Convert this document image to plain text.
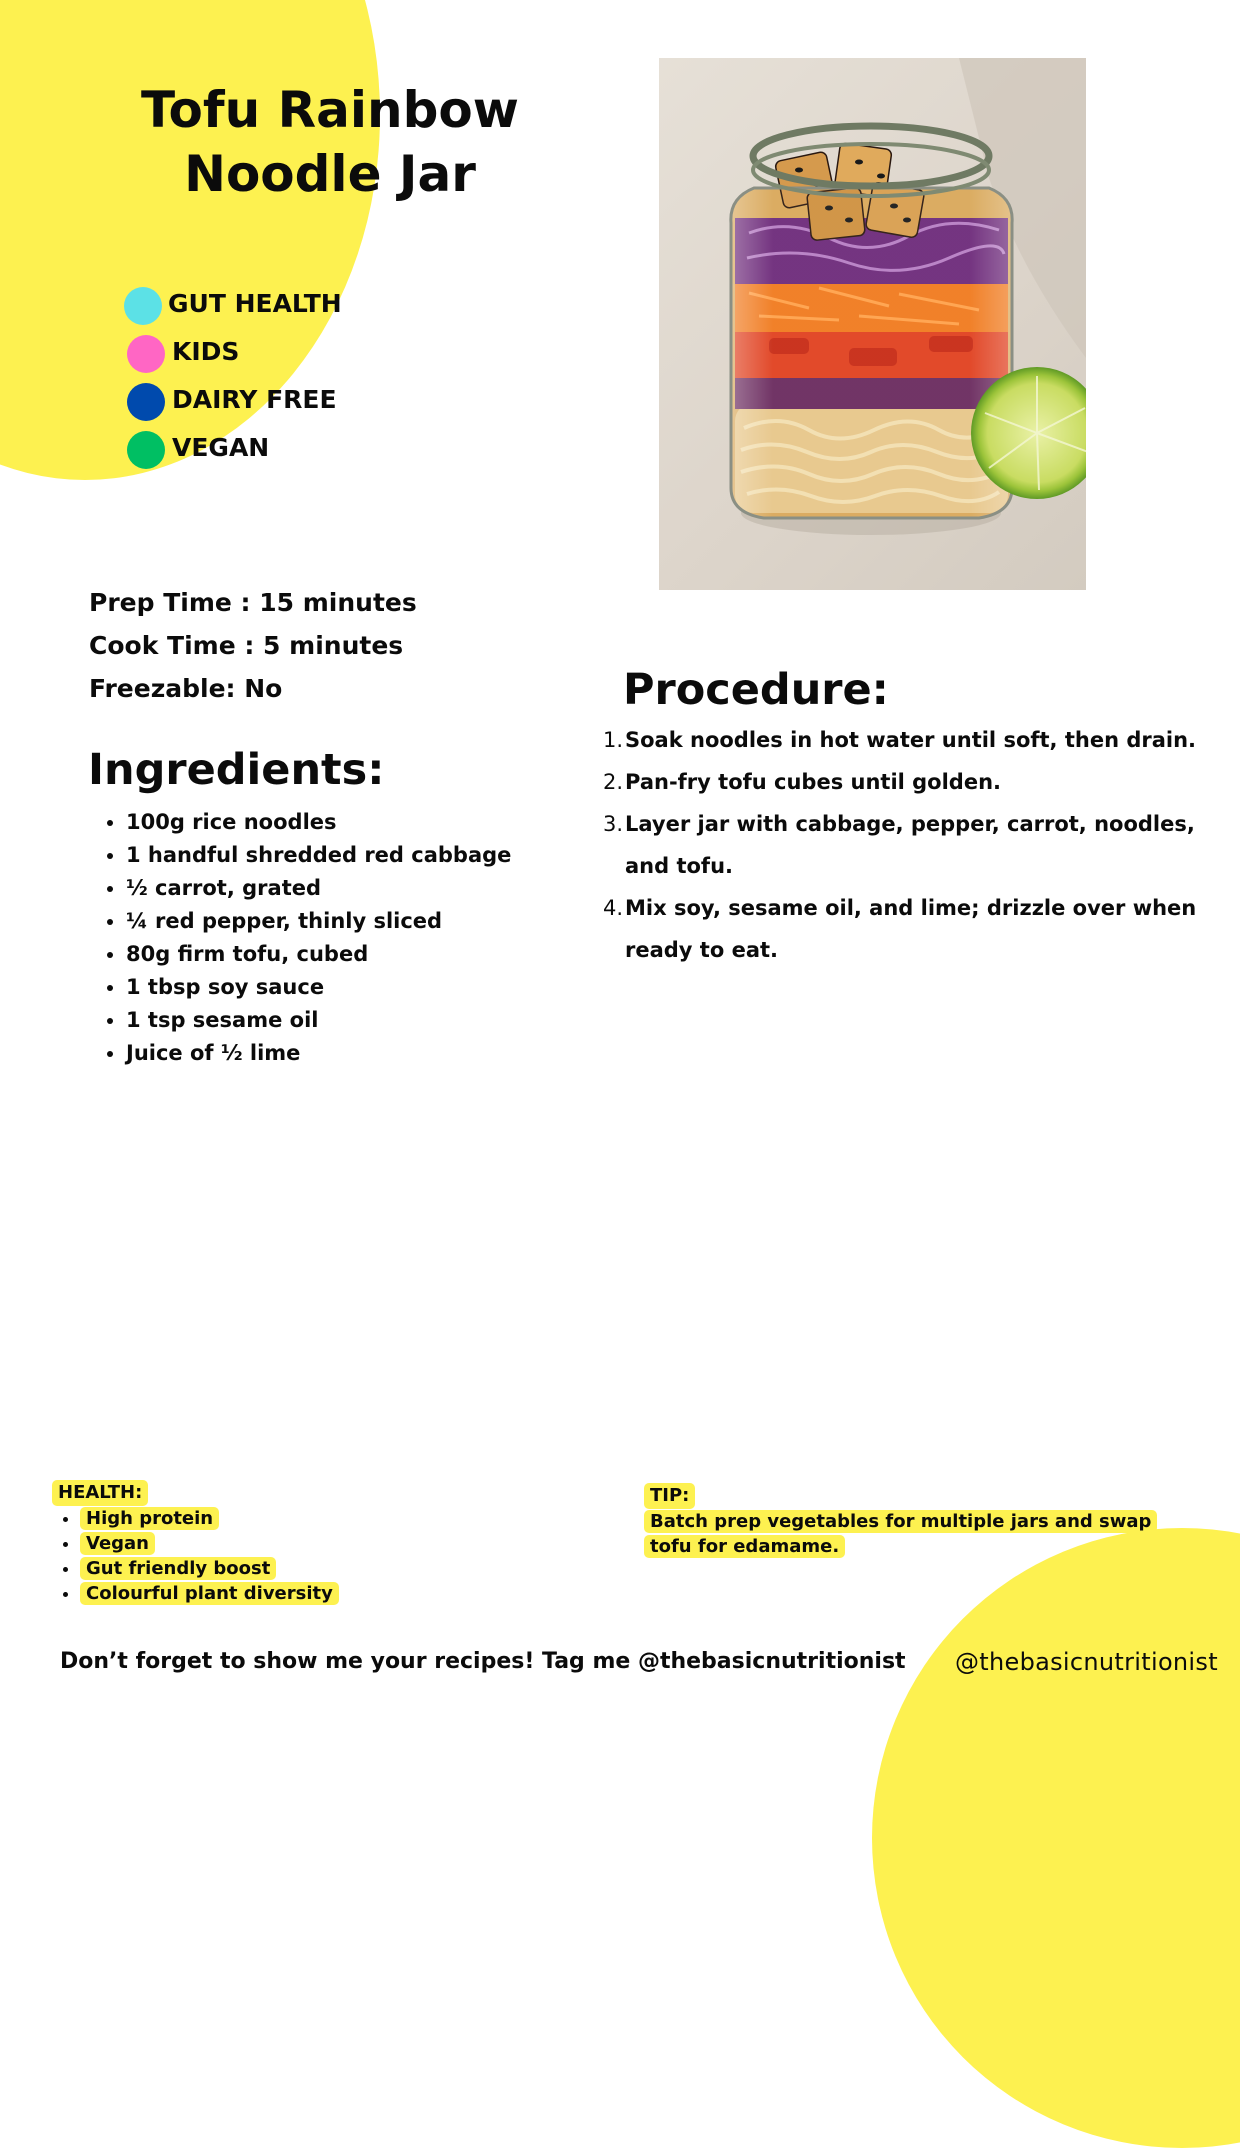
Tofu Rainbow
Noodle Jar
GUT HEALTH
KIDS
DAIRY FREE
VEGAN
Prep Time : 15 minutes
Cook Time : 5 minutes
Freezable: No
Ingredients:
• 100g rice noodles
• 1 handful shredded red cabbage
• ½ carrot, grated
• ¼ red pepper, thinly sliced
• 80g firm tofu, cubed
• 1 tbsp soy sauce
• 1 tsp sesame oil
• Juice of ½ lime
Procedure:
1. Soak noodles in hot water until soft, then drain.
2. Pan-fry tofu cubes until golden.
3. Layer jar with cabbage, pepper, carrot, noodles, and tofu.
4. Mix soy, sesame oil, and lime; drizzle over when ready to eat.
HEALTH:
• High protein
• Vegan
• Gut friendly boost
• Colourful plant diversity
TIP:
Batch prep vegetables for multiple jars and swap tofu for edamame.
Don’t forget to show me your recipes! Tag me @thebasicnutritionist @thebasicnutritionist
